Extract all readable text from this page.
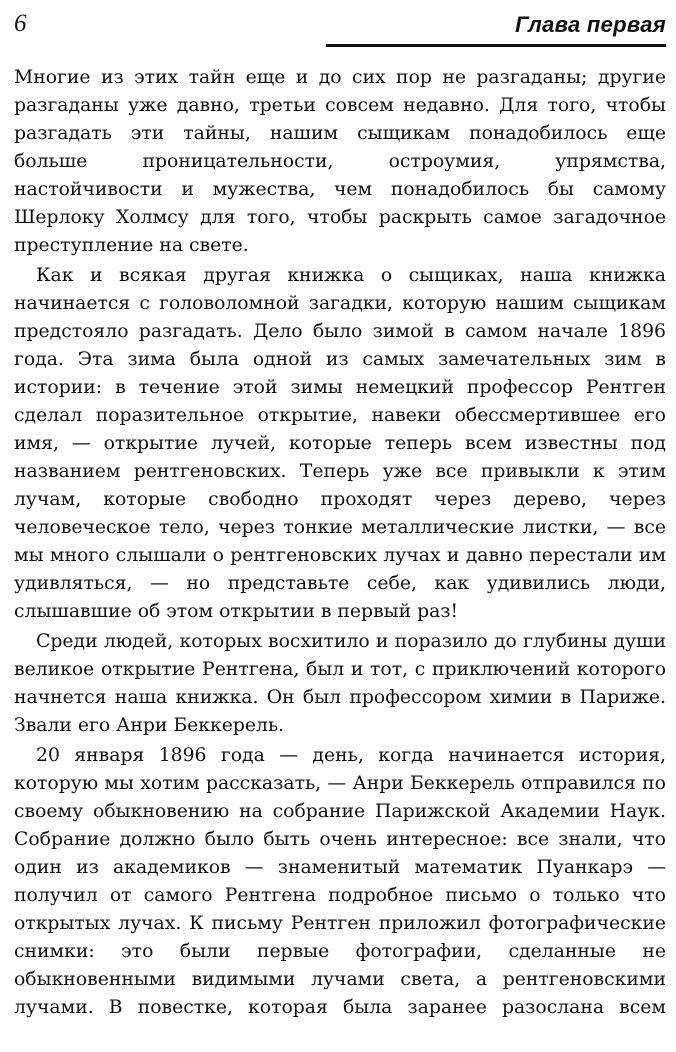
6	Глава первая

Многие из этих тайн еще и до сих пор не разгаданы; другие разгаданы уже давно, третьи совсем недавно. Для того, чтобы разгадать эти тайны, нашим сыщикам понадобилось еще больше проницательности, остроумия, упрямства, настойчивости и мужества, чем понадобилось бы самому Шерлоку Холмсу для того, чтобы раскрыть самое загадочное преступление на свете.

Как и всякая другая книжка о сыщиках, наша книжка начинается с головоломной загадки, которую нашим сыщикам предстояло разгадать. Дело было зимой в самом начале 1896 года. Эта зима была одной из самых замечательных зим в истории: в течение этой зимы немецкий профессор Рентген сделал поразительное открытие, навеки обессмертившее его имя, — открытие лучей, которые теперь всем известны под названием рентгеновских. Теперь уже все привыкли к этим лучам, которые свободно проходят через дерево, через человеческое тело, через тонкие металлические листки, — все мы много слышали о рентгеновских лучах и давно перестали им удивляться, — но представьте себе, как удивились люди, слышавшие об этом открытии в первый раз!

Среди людей, которых восхитило и поразило до глубины души великое открытие Рентгена, был и тот, с приключений которого начнется наша книжка. Он был профессором химии в Париже. Звали его Анри Беккерель.

20 января 1896 года — день, когда начинается история, которую мы хотим рассказать, — Анри Беккерель отправился по своему обыкновению на собрание Парижской Академии Наук. Собрание должно было быть очень интересное: все знали, что один из академиков — знаменитый математик Пуанкарэ — получил от самого Рентгена подробное письмо о только что открытых лучах. К письму Рентген приложил фотографические снимки: это были первые фотографии, сделанные не обыкновенными видимыми лучами света, а рентгеновскими лучами. В повестке, которая была заранее разослана всем
